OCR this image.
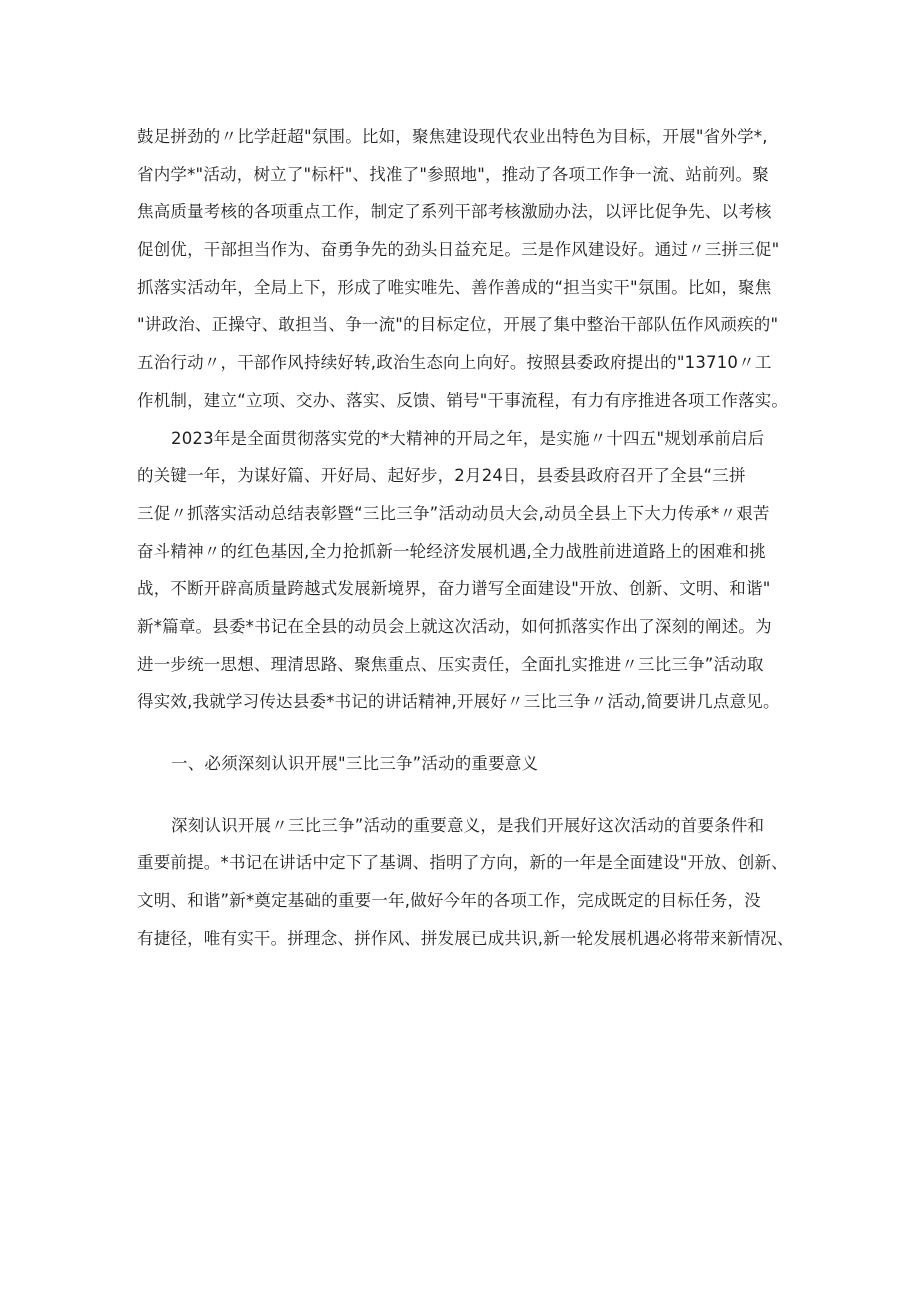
鼓足拼劲的〃比学赶超"氛围。比如，聚焦建设现代农业出特色为目标，开展"省外学*,
省内学*"活动，树立了"标杆"、找准了"参照地"，推动了各项工作争一流、站前列。聚
焦高质量考核的各项重点工作，制定了系列干部考核激励办法，以评比促争先、以考核
促创优，干部担当作为、奋勇争先的劲头日益充足。三是作风建设好。通过〃三拼三促"
抓落实活动年，全局上下，形成了唯实唯先、善作善成的“担当实干"氛围。比如，聚焦
"讲政治、正操守、敢担当、争一流"的目标定位，开展了集中整治干部队伍作风顽疾的"
五治行动〃，干部作风持续好转,政治生态向上向好。按照县委政府提出的"13710〃工
作机制，建立“立项、交办、落实、反馈、销号"干事流程，有力有序推进各项工作落实。
2023年是全面贯彻落实党的*大精神的开局之年，是实施〃十四五"规划承前启后
的关键一年，为谋好篇、开好局、起好步，2月24日，县委县政府召开了全县“三拼
三促〃抓落实活动总结表彰暨“三比三争”活动动员大会,动员全县上下大力传承*〃艰苦
奋斗精神〃的红色基因,全力抢抓新一轮经济发展机遇,全力战胜前进道路上的困难和挑
战，不断开辟高质量跨越式发展新境界，奋力谱写全面建设"开放、创新、文明、和谐"
新*篇章。县委*书记在全县的动员会上就这次活动，如何抓落实作出了深刻的阐述。为
进一步统一思想、理清思路、聚焦重点、压实责任，全面扎实推进〃三比三争”活动取
得实效,我就学习传达县委*书记的讲话精神,开展好〃三比三争〃活动,简要讲几点意见。
一、必须深刻认识开展"三比三争”活动的重要意义
深刻认识开展〃三比三争”活动的重要意义，是我们开展好这次活动的首要条件和
重要前提。*书记在讲话中定下了基调、指明了方向，新的一年是全面建设"开放、创新、
文明、和谐”新*奠定基础的重要一年,做好今年的各项工作，完成既定的目标任务，没
有捷径，唯有实干。拼理念、拼作风、拼发展已成共识,新一轮发展机遇必将带来新情况、
